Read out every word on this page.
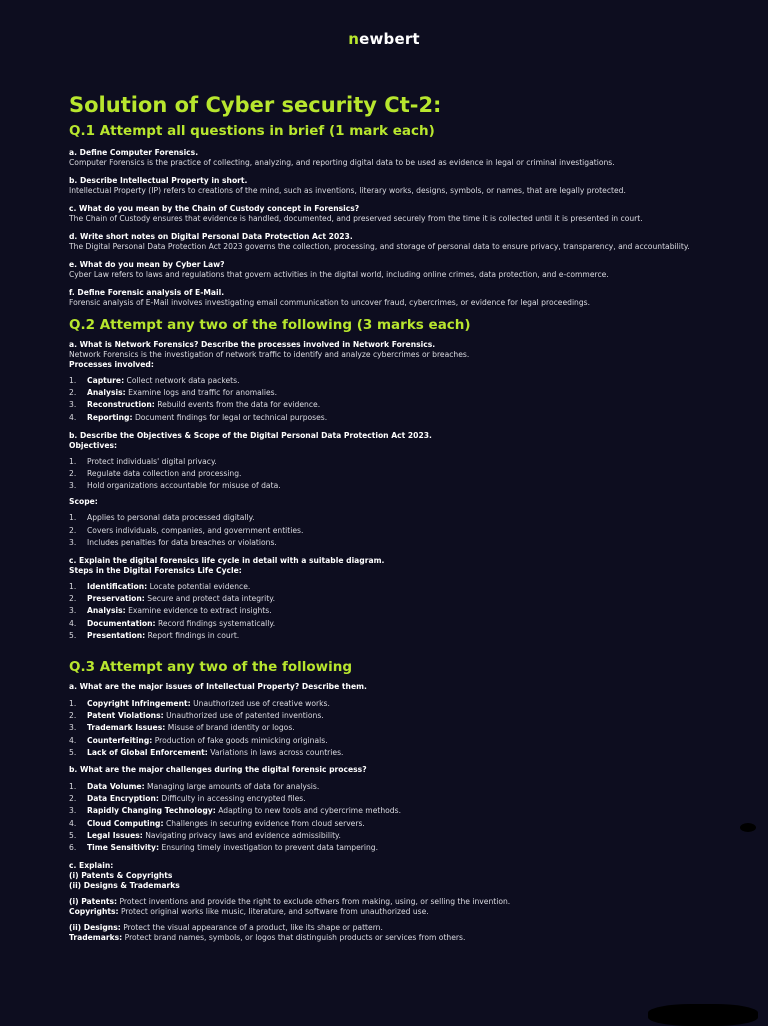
newbert
Solution of Cyber security Ct-2:
Q.1 Attempt all questions in brief (1 mark each)
a. Define Computer Forensics.
Computer Forensics is the practice of collecting, analyzing, and reporting digital data to be used as evidence in legal or criminal investigations.
b. Describe Intellectual Property in short.
Intellectual Property (IP) refers to creations of the mind, such as inventions, literary works, designs, symbols, or names, that are legally protected.
c. What do you mean by the Chain of Custody concept in Forensics?
The Chain of Custody ensures that evidence is handled, documented, and preserved securely from the time it is collected until it is presented in court.
d. Write short notes on Digital Personal Data Protection Act 2023.
The Digital Personal Data Protection Act 2023 governs the collection, processing, and storage of personal data to ensure privacy, transparency, and accountability.
e. What do you mean by Cyber Law?
Cyber Law refers to laws and regulations that govern activities in the digital world, including online crimes, data protection, and e-commerce.
f. Define Forensic analysis of E-Mail.
Forensic analysis of E-Mail involves investigating email communication to uncover fraud, cybercrimes, or evidence for legal proceedings.
Q.2 Attempt any two of the following (3 marks each)
a. What is Network Forensics? Describe the processes involved in Network Forensics.
Network Forensics is the investigation of network traffic to identify and analyze cybercrimes or breaches.
Processes involved:
1.	Capture: Collect network data packets.
2.	Analysis: Examine logs and traffic for anomalies.
3.	Reconstruction: Rebuild events from the data for evidence.
4.	Reporting: Document findings for legal or technical purposes.
b. Describe the Objectives & Scope of the Digital Personal Data Protection Act 2023.
Objectives:
1.	Protect individuals' digital privacy.
2.	Regulate data collection and processing.
3.	Hold organizations accountable for misuse of data.
Scope:
1.	Applies to personal data processed digitally.
2.	Covers individuals, companies, and government entities.
3.	Includes penalties for data breaches or violations.
c. Explain the digital forensics life cycle in detail with a suitable diagram.
Steps in the Digital Forensics Life Cycle:
1.	Identification: Locate potential evidence.
2.	Preservation: Secure and protect data integrity.
3.	Analysis: Examine evidence to extract insights.
4.	Documentation: Record findings systematically.
5.	Presentation: Report findings in court.
Q.3 Attempt any two of the following
a. What are the major issues of Intellectual Property? Describe them.
1.	Copyright Infringement: Unauthorized use of creative works.
2.	Patent Violations: Unauthorized use of patented inventions.
3.	Trademark Issues: Misuse of brand identity or logos.
4.	Counterfeiting: Production of fake goods mimicking originals.
5.	Lack of Global Enforcement: Variations in laws across countries.
b. What are the major challenges during the digital forensic process?
1.	Data Volume: Managing large amounts of data for analysis.
2.	Data Encryption: Difficulty in accessing encrypted files.
3.	Rapidly Changing Technology: Adapting to new tools and cybercrime methods.
4.	Cloud Computing: Challenges in securing evidence from cloud servers.
5.	Legal Issues: Navigating privacy laws and evidence admissibility.
6.	Time Sensitivity: Ensuring timely investigation to prevent data tampering.
c. Explain:
(i) Patents & Copyrights
(ii) Designs & Trademarks
(i) Patents: Protect inventions and provide the right to exclude others from making, using, or selling the invention.
Copyrights: Protect original works like music, literature, and software from unauthorized use.
(ii) Designs: Protect the visual appearance of a product, like its shape or pattern.
Trademarks: Protect brand names, symbols, or logos that distinguish products or services from others.
